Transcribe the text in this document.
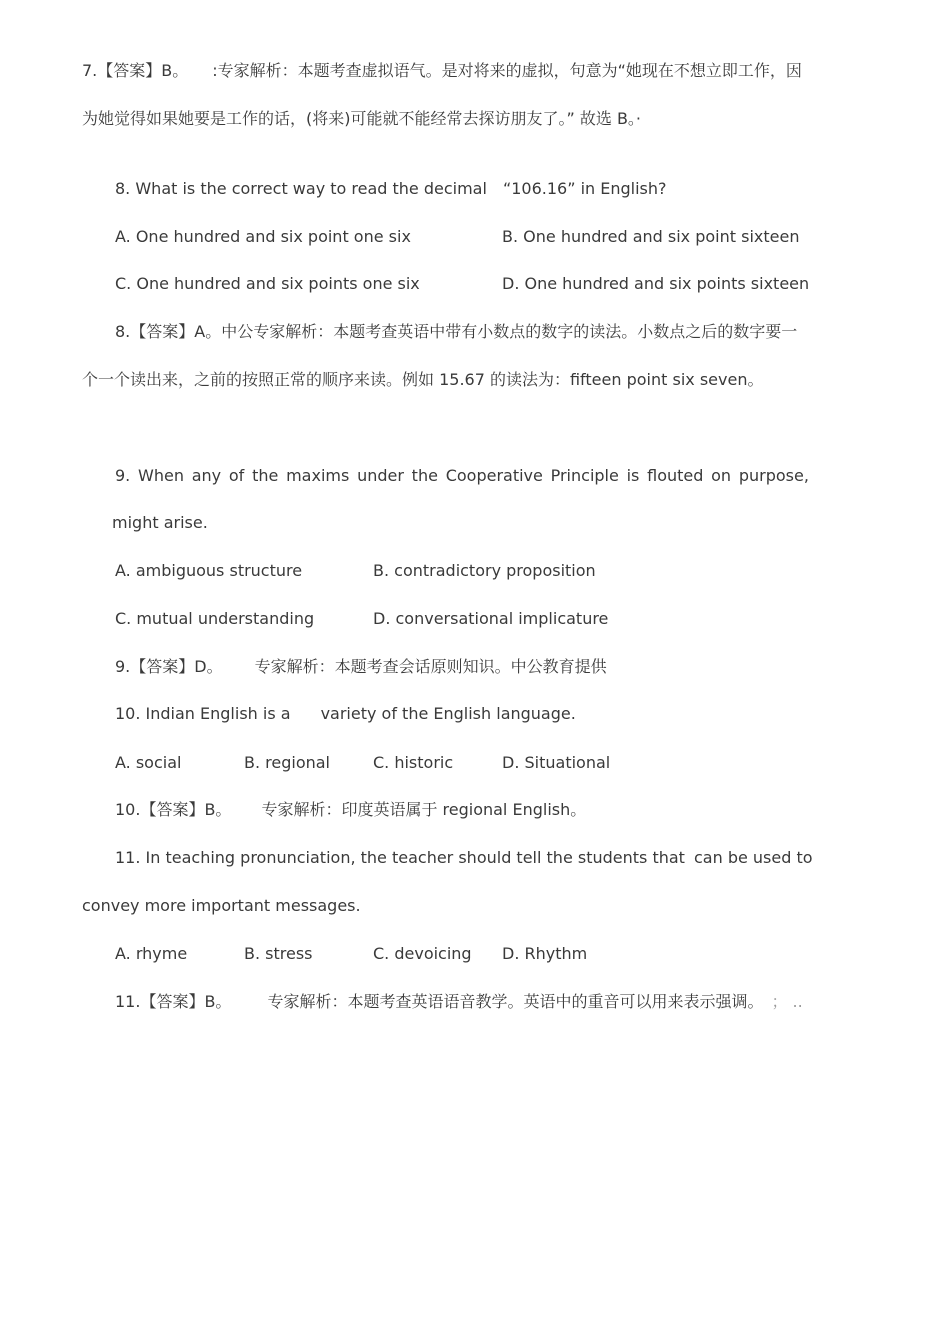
7.【答案】B。 :专家解析：本题考查虚拟语气。是对将来的虚拟，句意为“她现在不想立即工作，因
为她觉得如果她要是工作的话，(将来)可能就不能经常去探访朋友了。” 故选 B。·
8. What is the correct way to read the decimal “106.16” in English?
A. One hundred and six point one six	B. One hundred and six point sixteen
C. One hundred and six points one six	D. One hundred and six points sixteen
8.【答案】A。中公专家解析：本题考查英语中带有小数点的数字的读法。小数点之后的数字要一
个一个读出来，之前的按照正常的顺序来读。例如 15.67 的读法为：fifteen point six seven。
9. When any of the maxims under the Cooperative Principle is flouted on purpose,
might arise.
A. ambiguous structure	B. contradictory proposition
C. mutual understanding	D. conversational implicature
9.【答案】D。 专家解析：本题考查会话原则知识。中公教育提供
10. Indian English is a variety of the English language.
A. social	B. regional	C. historic	D. Situational
10.【答案】B。 专家解析：印度英语属于 regional English。
11. In teaching pronunciation, the teacher should tell the students that can be used to
convey more important messages.
A. rhyme	B. stress	C. devoicing D. Rhythm
11.【答案】B。 专家解析：本题考查英语语音教学。英语中的重音可以用来表示强调。 ； ..
